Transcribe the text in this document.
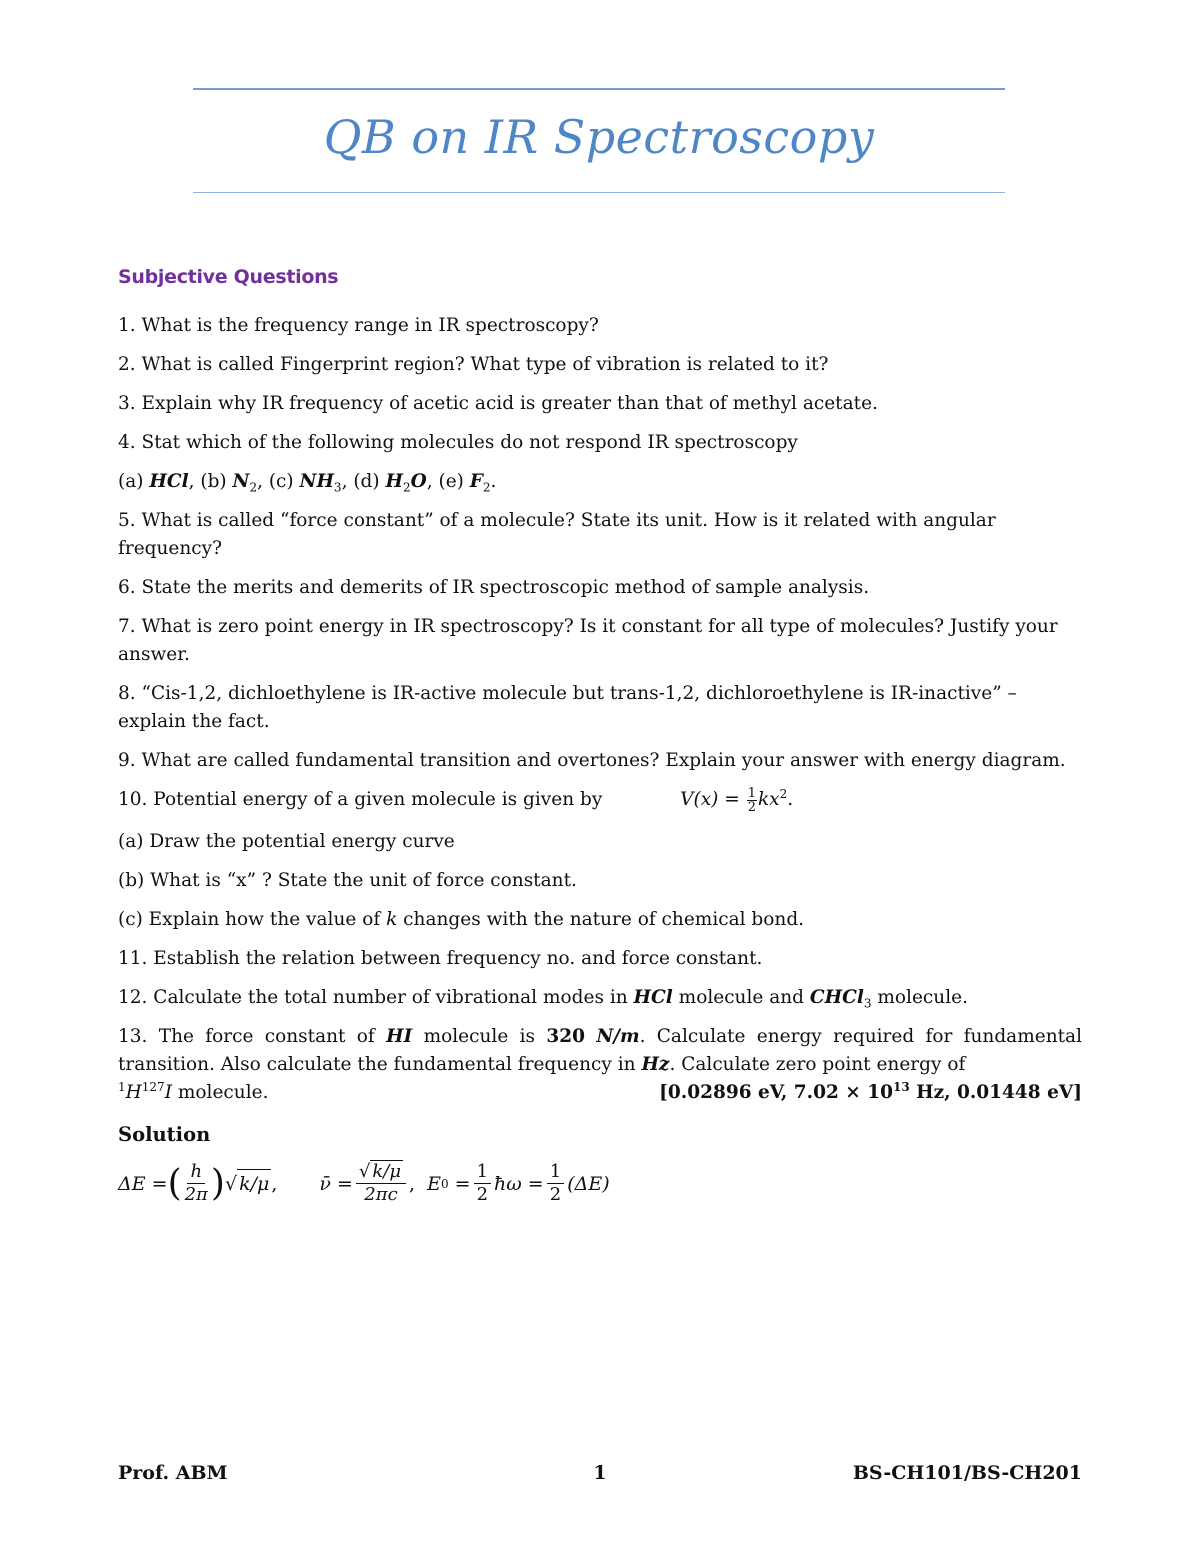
QB on IR Spectroscopy
Subjective Questions

1. What is the frequency range in IR spectroscopy?

2. What is called Fingerprint region? What type of vibration is related to it?

3. Explain why IR frequency of acetic acid is greater than that of methyl acetate.

4. Stat which of the following molecules do not respond IR spectroscopy

(a) HCl, (b) $N_2$, (c) $NH_3$, (d) $H_2O$, (e) $F_2$.

5. What is called “force constant” of a molecule? State its unit. How is it related with angular frequency?

6. State the merits and demerits of IR spectroscopic method of sample analysis.

7. What is zero point energy in IR spectroscopy? Is it constant for all type of molecules? Justify your answer.

8. “Cis-1,2, dichloethylene is IR-active molecule but trans-1,2, dichloroethylene is IR-inactive” – explain the fact.

9. What are called fundamental transition and overtones? Explain your answer with energy diagram.

10. Potential energy of a given molecule is given by	$V(x) = \frac{1}{2} kx^2$.

(a) Draw the potential energy curve

(b) What is “x” ? State the unit of force constant.

(c) Explain how the value of k changes with the nature of chemical bond.

11. Establish the relation between frequency no. and force constant.

12. Calculate the total number of vibrational modes in HCl molecule and CHCl$_3$ molecule.

13. The force constant of HI molecule is 320 N/m. Calculate energy required for fundamental transition. Also calculate the fundamental frequency in Hz. Calculate zero point energy of

$^1H^{127}I$ molecule.	[0.02896 eV, $7.02 \times 10^{13}$ Hz, 0.01448 eV]
Solution
ΔE = ( $\frac{h}{2\pi}$ ) √ k/μ , ν̄ = $\frac{√ k/\mu}{2\pi c}$ , E 0
= $\frac{1}{2}$ ħω = $\frac{1}{2} (\Delta E)$
Prof. ABM	1	BS-CH101/BS-CH201
